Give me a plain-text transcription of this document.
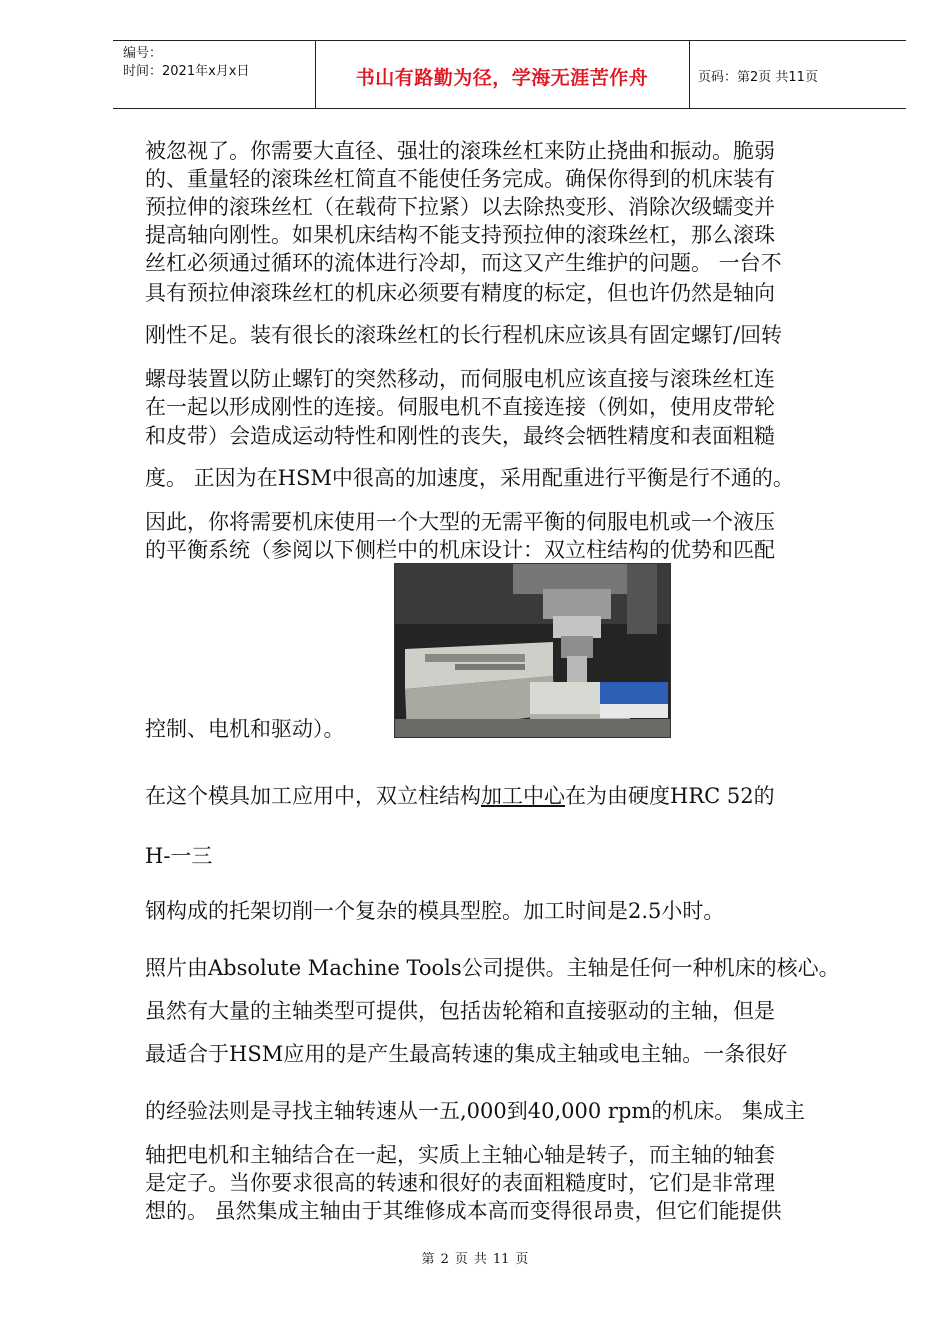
编号：
时间：2021年x月x日	书山有路勤为径，学海无涯苦作舟	页码：第2页 共11页
被忽视了。你需要大直径、强壮的滚珠丝杠来防止挠曲和振动。脆弱
的、重量轻的滚珠丝杠简直不能使任务完成。确保你得到的机床装有
预拉伸的滚珠丝杠（在载荷下拉紧）以去除热变形、消除次级蠕变并
提高轴向刚性。如果机床结构不能支持预拉伸的滚珠丝杠，那么滚珠
丝杠必须通过循环的流体进行冷却，而这又产生维护的问题。 一台不
具有预拉伸滚珠丝杠的机床必须要有精度的标定，但也许仍然是轴向
刚性不足。装有很长的滚珠丝杠的长行程机床应该具有固定螺钉/回转
螺母装置以防止螺钉的突然移动，而伺服电机应该直接与滚珠丝杠连
在一起以形成刚性的连接。伺服电机不直接连接（例如，使用皮带轮
和皮带）会造成运动特性和刚性的丧失，最终会牺牲精度和表面粗糙
度。 正因为在HSM中很高的加速度，采用配重进行平衡是行不通的。
因此，你将需要机床使用一个大型的无需平衡的伺服电机或一个液压
的平衡系统（参阅以下侧栏中的机床设计：双立柱结构的优势和匹配
控制、电机和驱动）。
在这个模具加工应用中，双立柱结构加工中心在为由硬度HRC 52的
H-一三
钢构成的托架切削一个复杂的模具型腔。加工时间是2.5小时。
照片由Absolute Machine Tools公司提供。主轴是任何一种机床的核心。
虽然有大量的主轴类型可提供，包括齿轮箱和直接驱动的主轴，但是
最适合于HSM应用的是产生最高转速的集成主轴或电主轴。一条很好
的经验法则是寻找主轴转速从一五,000到40,000 rpm的机床。 集成主
轴把电机和主轴结合在一起，实质上主轴心轴是转子，而主轴的轴套
是定子。当你要求很高的转速和很好的表面粗糙度时，它们是非常理
想的。 虽然集成主轴由于其维修成本高而变得很昂贵，但它们能提供
第 2 页 共 11 页
